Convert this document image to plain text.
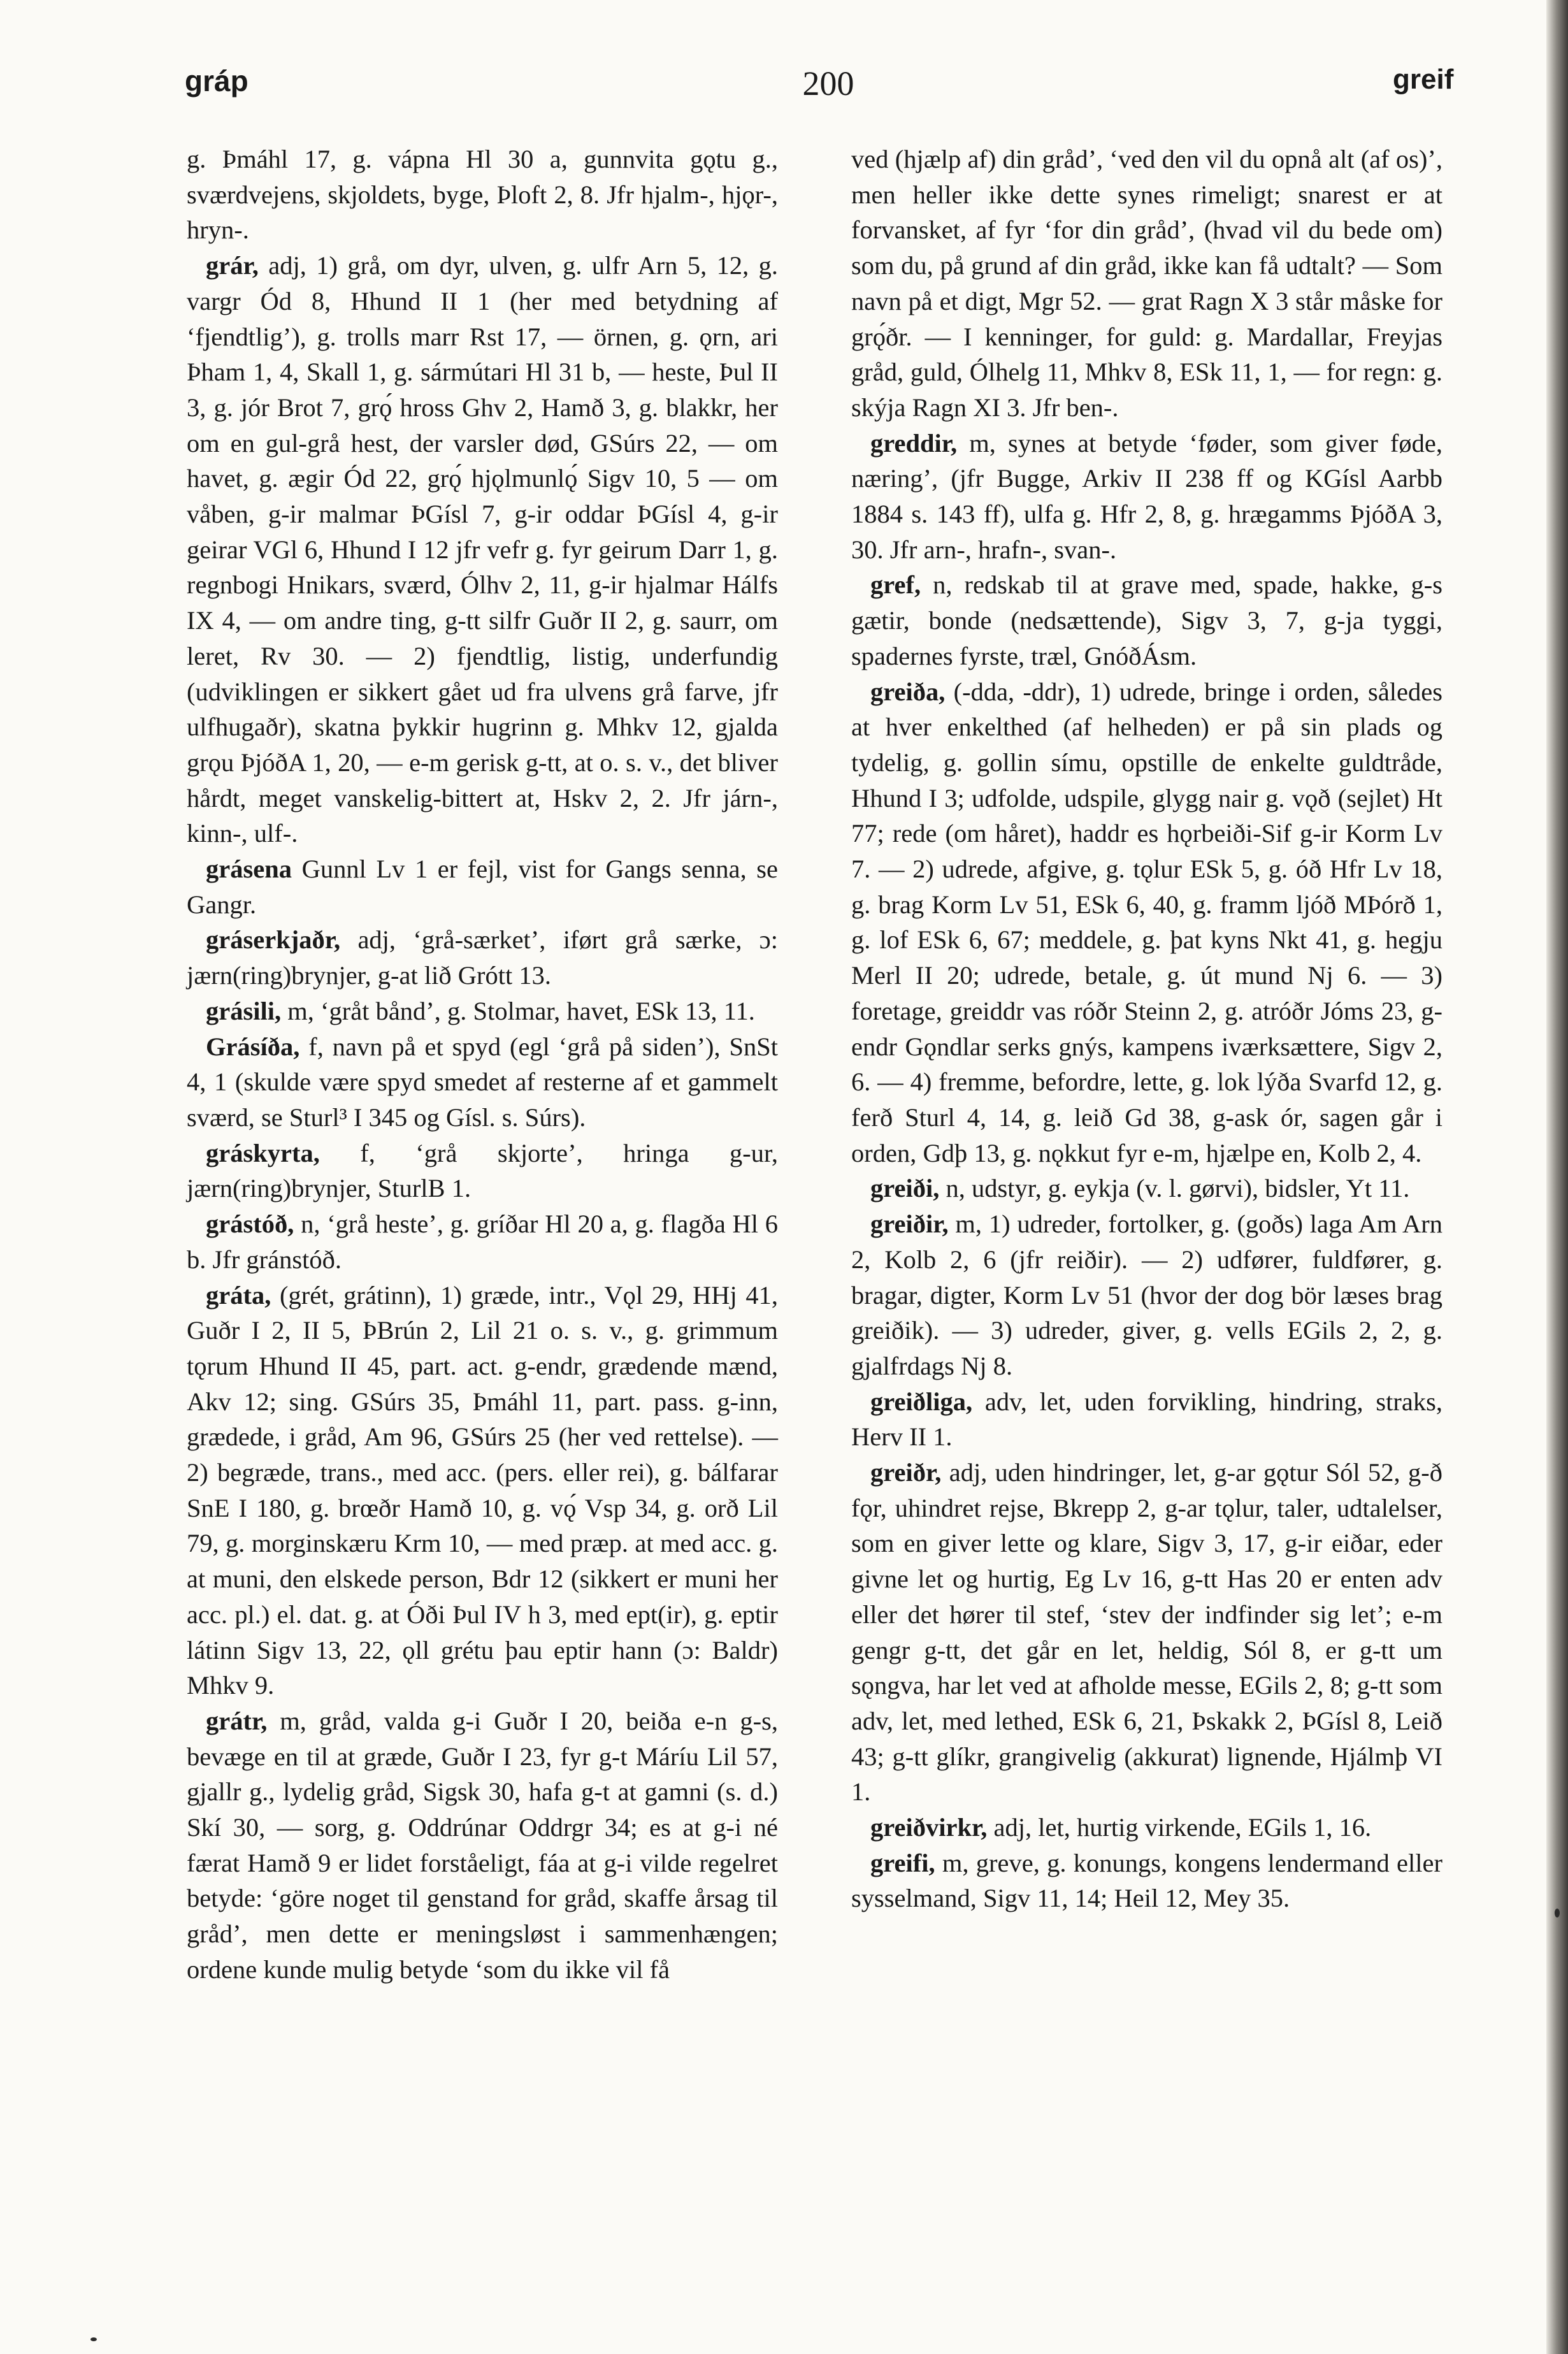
gráp	200	greif

g. Þmáhl 17, g. vápna Hl 30 a, gunnvita gǫtu g., sværdvejens, skjoldets, byge, Þloft 2, 8. Jfr hjalm-, hjǫr-, hryn-.

grár, adj, 1) grå, om dyr, ulven, g. ulfr Arn 5, 12, g. vargr Ód 8, Hhund II 1 (her med betydning af ‘fjendtlig’), g. trolls marr Rst 17, — örnen, g. ǫrn, ari Þham 1, 4, Skall 1, g. sármútari Hl 31 b, — heste, Þul II 3, g. jór Brot 7, grǫ́ hross Ghv 2, Hamð 3, g. blakkr, her om en gul-grå hest, der varsler død, GSúrs 22, — om havet, g. ægir Ód 22, grǫ́ hjǫlmunlǫ́ Sigv 10, 5 — om våben, g-ir malmar ÞGísl 7, g-ir oddar ÞGísl 4, g-ir geirar VGl 6, Hhund I 12 jfr vefr g. fyr geirum Darr 1, g. regnbogi Hnikars, sværd, Ólhv 2, 11, g-ir hjalmar Hálfs IX 4, — om andre ting, g-tt silfr Guðr II 2, g. saurr, om leret, Rv 30. — 2) fjendtlig, listig, underfundig (udviklingen er sikkert gået ud fra ulvens grå farve, jfr ulfhugaðr), skatna þykkir hugrinn g. Mhkv 12, gjalda grǫu ÞjóðA 1, 20, — e-m gerisk g-tt, at o. s. v., det bliver hårdt, meget vanskelig-bittert at, Hskv 2, 2. Jfr járn-, kinn-, ulf-.

grásena Gunnl Lv 1 er fejl, vist for Gangs senna, se Gangr.

gráserkjaðr, adj, ‘grå-særket’, iført grå særke, ɔ: jærn(ring)brynjer, g-at lið Grótt 13.

grásili, m, ‘gråt bånd’, g. Stolmar, havet, ESk 13, 11.

Grásíða, f, navn på et spyd (egl ‘grå på siden’), SnSt 4, 1 (skulde være spyd smedet af resterne af et gammelt sværd, se Sturl³ I 345 og Gísl. s. Súrs).

gráskyrta, f, ‘grå skjorte’, hringa g-ur, jærn(ring)brynjer, SturlB 1.

grástóð, n, ‘grå heste’, g. gríðar Hl 20 a, g. flagða Hl 6 b. Jfr gránstóð.

gráta, (grét, grátinn), 1) græde, intr., Vǫl 29, HHj 41, Guðr I 2, II 5, ÞBrún 2, Lil 21 o. s. v., g. grimmum tǫrum Hhund II 45, part. act. g-endr, grædende mænd, Akv 12; sing. GSúrs 35, Þmáhl 11, part. pass. g-inn, grædede, i gråd, Am 96, GSúrs 25 (her ved rettelse). — 2) begræde, trans., med acc. (pers. eller rei), g. bálfarar SnE I 180, g. brœðr Hamð 10, g. vǫ́ Vsp 34, g. orð Lil 79, g. morginskæru Krm 10, — med præp. at med acc. g. at muni, den elskede person, Bdr 12 (sikkert er muni her acc. pl.) el. dat. g. at Óði Þul IV h 3, med ept(ir), g. eptir látinn Sigv 13, 22, ǫll grétu þau eptir hann (ɔ: Baldr) Mhkv 9.

grátr, m, gråd, valda g-i Guðr I 20, beiða e-n g-s, bevæge en til at græde, Guðr I 23, fyr g-t Máríu Lil 57, gjallr g., lydelig gråd, Sigsk 30, hafa g-t at gamni (s. d.) Skí 30, — sorg, g. Oddrúnar Oddrgr 34; es at g-i né færat Hamð 9 er lidet forståeligt, fáa at g-i vilde regelret betyde: ‘göre noget til genstand for gråd, skaffe årsag til gråd’, men dette er meningsløst i sammenhængen; ordene kunde mulig betyde ‘som du ikke vil få

ved (hjælp af) din gråd’, ‘ved den vil du opnå alt (af os)’, men heller ikke dette synes rimeligt; snarest er at forvansket, af fyr ‘for din gråd’, (hvad vil du bede om) som du, på grund af din gråd, ikke kan få udtalt? — Som navn på et digt, Mgr 52. — grat Ragn X 3 står måske for grǫ́ðr. — I kenninger, for guld: g. Mardallar, Freyjas gråd, guld, Ólhelg 11, Mhkv 8, ESk 11, 1, — for regn: g. skýja Ragn XI 3. Jfr ben-.

greddir, m, synes at betyde ‘føder, som giver føde, næring’, (jfr Bugge, Arkiv II 238 ff og KGísl Aarbb 1884 s. 143 ff), ulfa g. Hfr 2, 8, g. hrægamms ÞjóðA 3, 30. Jfr arn-, hrafn-, svan-.

gref, n, redskab til at grave med, spade, hakke, g-s gætir, bonde (nedsættende), Sigv 3, 7, g-ja tyggi, spadernes fyrste, træl, GnóðÁsm.

greiða, (-dda, -ddr), 1) udrede, bringe i orden, således at hver enkelthed (af helheden) er på sin plads og tydelig, g. gollin símu, opstille de enkelte guldtråde, Hhund I 3; udfolde, udspile, glygg nair g. vǫð (sejlet) Ht 77; rede (om håret), haddr es hǫrbeiði-Sif g-ir Korm Lv 7. — 2) udrede, afgive, g. tǫlur ESk 5, g. óð Hfr Lv 18, g. brag Korm Lv 51, ESk 6, 40, g. framm ljóð MÞórð 1, g. lof ESk 6, 67; meddele, g. þat kyns Nkt 41, g. hegju Merl II 20; udrede, betale, g. út mund Nj 6. — 3) foretage, greiddr vas róðr Steinn 2, g. atróðr Jóms 23, g-endr Gǫndlar serks gnýs, kampens iværksættere, Sigv 2, 6. — 4) fremme, befordre, lette, g. lok lýða Svarfd 12, g. ferð Sturl 4, 14, g. leið Gd 38, g-ask ór, sagen går i orden, Gdþ 13, g. nǫkkut fyr e-m, hjælpe en, Kolb 2, 4.

greiði, n, udstyr, g. eykja (v. l. gørvi), bidsler, Yt 11.

greiðir, m, 1) udreder, fortolker, g. (goðs) laga Am Arn 2, Kolb 2, 6 (jfr reiðir). — 2) udfører, fuldfører, g. bragar, digter, Korm Lv 51 (hvor der dog bör læses brag greiðik). — 3) udreder, giver, g. vells EGils 2, 2, g. gjalfrdags Nj 8.

greiðliga, adv, let, uden forvikling, hindring, straks, Herv II 1.

greiðr, adj, uden hindringer, let, g-ar gǫtur Sól 52, g-ð fǫr, uhindret rejse, Bkrepp 2, g-ar tǫlur, taler, udtalelser, som en giver lette og klare, Sigv 3, 17, g-ir eiðar, eder givne let og hurtig, Eg Lv 16, g-tt Has 20 er enten adv eller det hører til stef, ‘stev der indfinder sig let’; e-m gengr g-tt, det går en let, heldig, Sól 8, er g-tt um sǫngva, har let ved at afholde messe, EGils 2, 8; g-tt som adv, let, med lethed, ESk 6, 21, Þskakk 2, ÞGísl 8, Leið 43; g-tt glíkr, grangivelig (akkurat) lignende, Hjálmþ VI 1.

greiðvirkr, adj, let, hurtig virkende, EGils 1, 16.

greifi, m, greve, g. konungs, kongens lendermand eller sysselmand, Sigv 11, 14; Heil 12, Mey 35.
